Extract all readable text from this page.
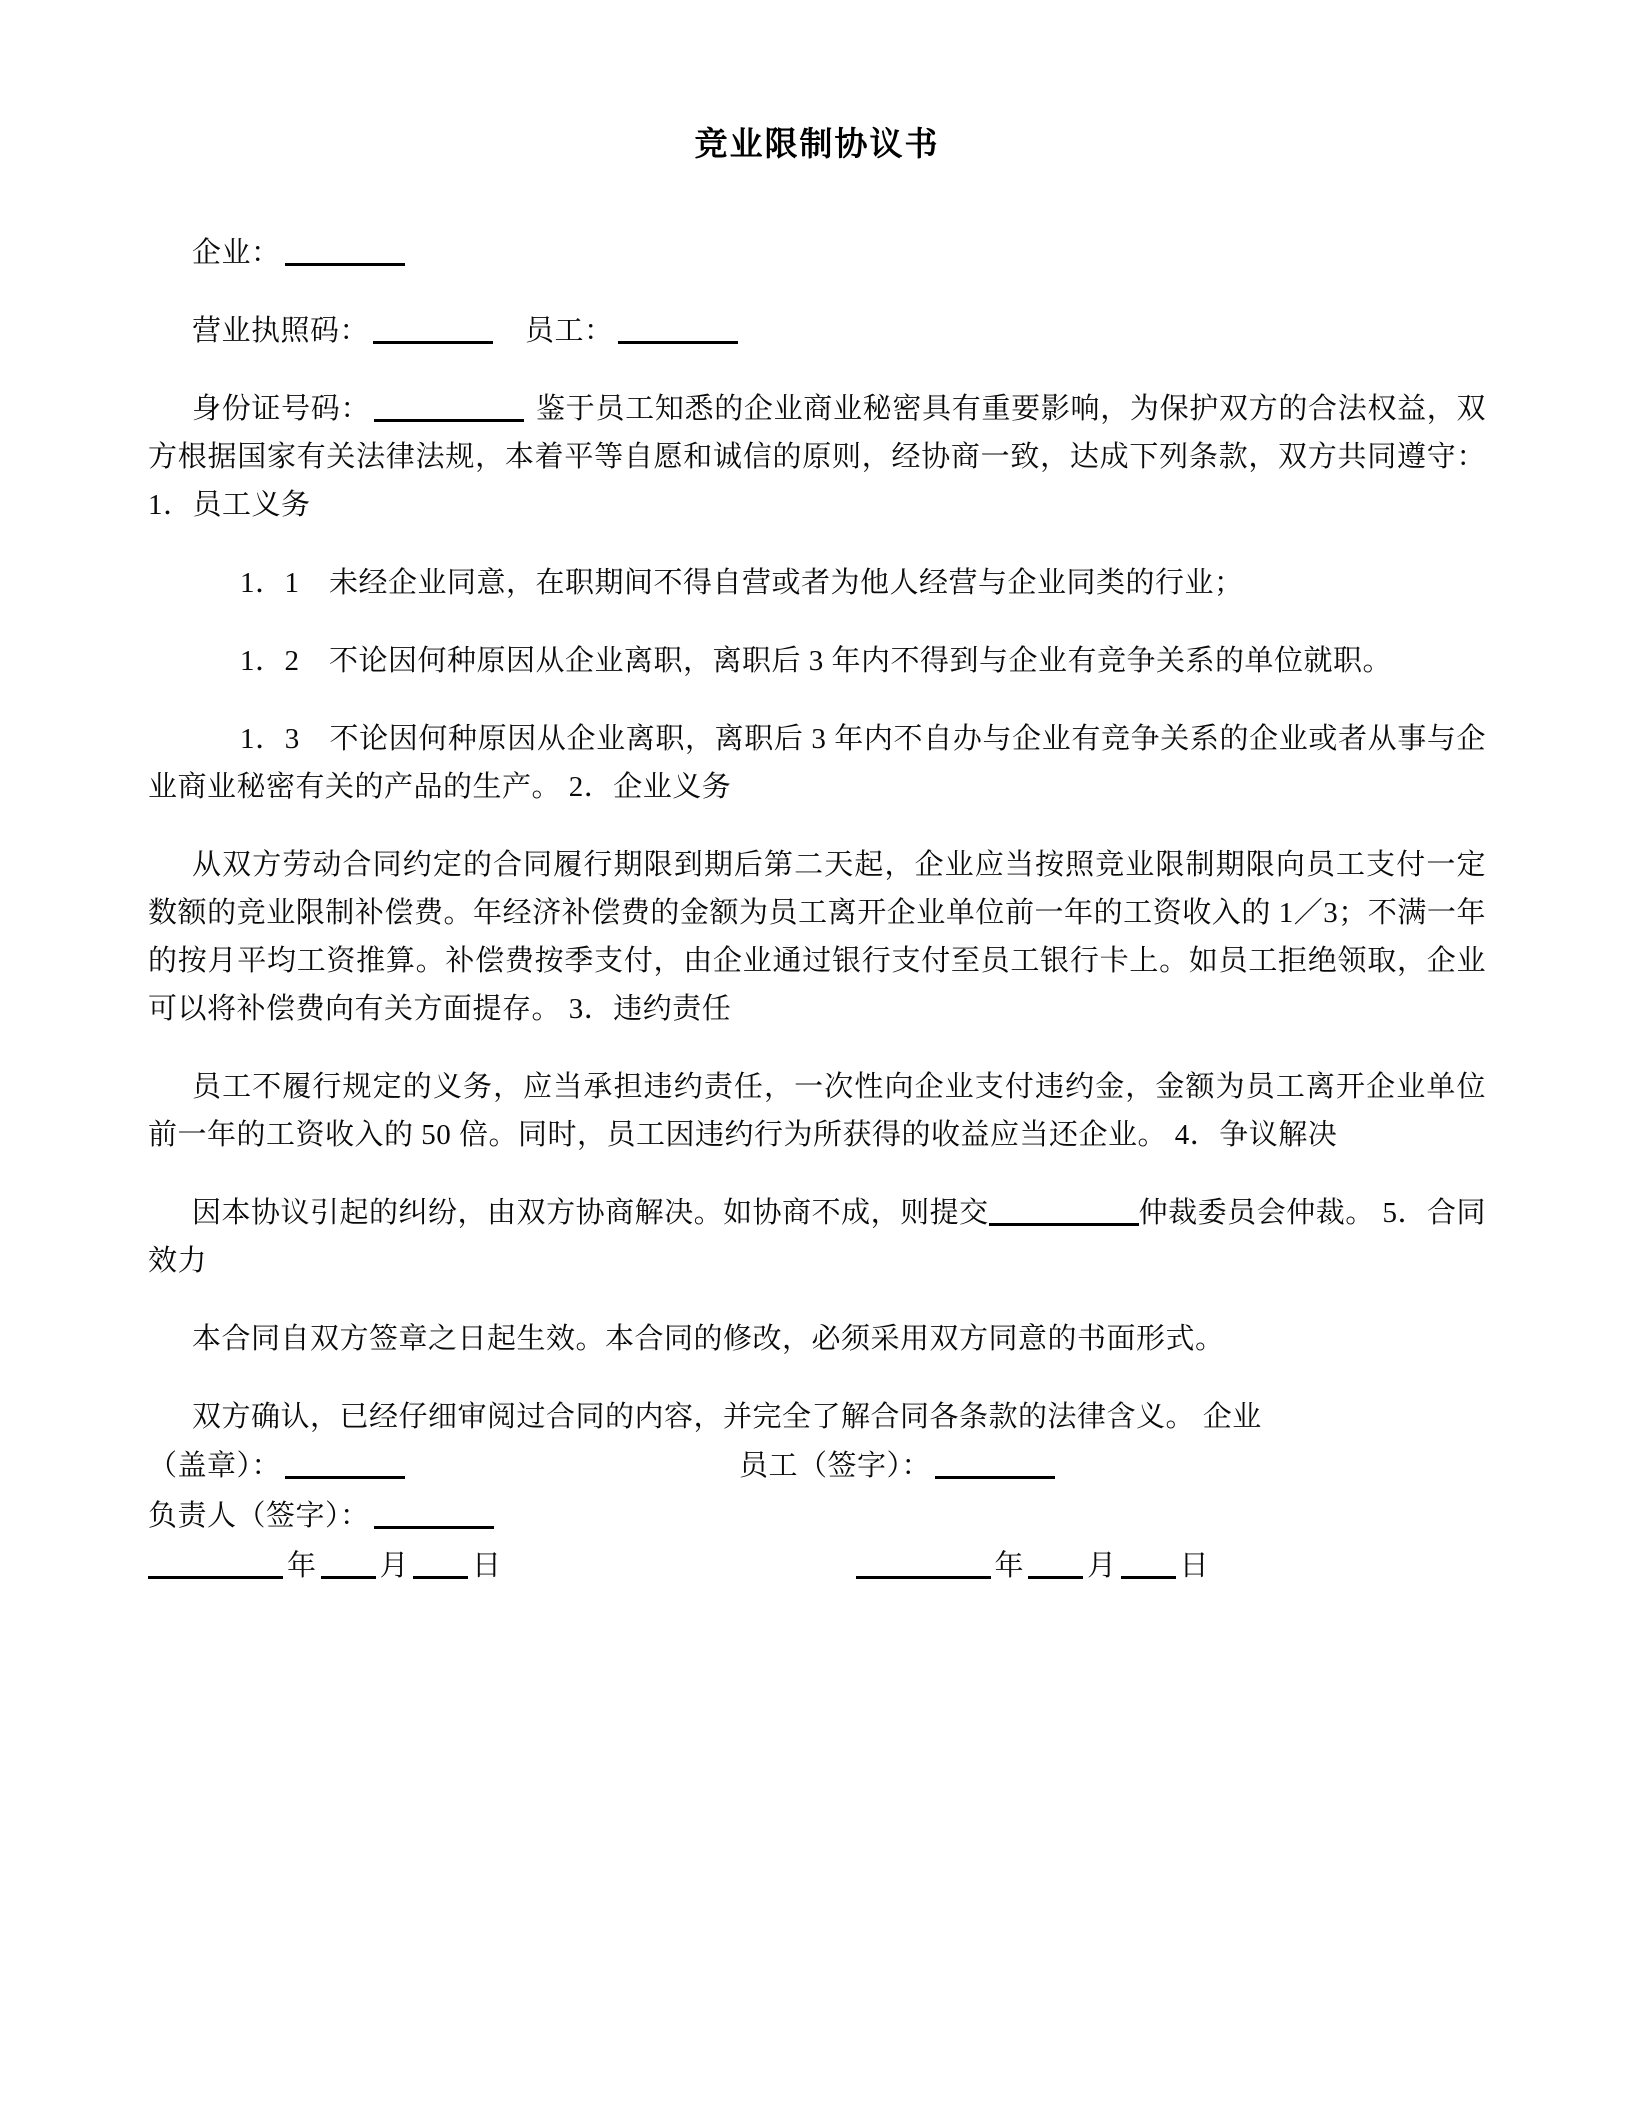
竞业限制协议书

企业：

营业执照码：	员工：

身份证号码：	鉴于员工知悉的企业商业秘密具有重要影响，为保护双方的合法权益，双方根据国家有关法律法规，本着平等自愿和诚信的原则，经协商一致，达成下列条款，双方共同遵守： 1．员工义务

1．1　未经企业同意，在职期间不得自营或者为他人经营与企业同类的行业；

1．2　不论因何种原因从企业离职，离职后 3 年内不得到与企业有竞争关系的单位就职。

1．3　不论因何种原因从企业离职，离职后 3 年内不自办与企业有竞争关系的企业或者从事与企业商业秘密有关的产品的生产。 2．企业义务

从双方劳动合同约定的合同履行期限到期后第二天起，企业应当按照竞业限制期限向员工支付一定数额的竞业限制补偿费。年经济补偿费的金额为员工离开企业单位前一年的工资收入的 1／3；不满一年的按月平均工资推算。补偿费按季支付，由企业通过银行支付至员工银行卡上。如员工拒绝领取，企业可以将补偿费向有关方面提存。 3．违约责任

员工不履行规定的义务，应当承担违约责任，一次性向企业支付违约金，金额为员工离开企业单位前一年的工资收入的 50 倍。同时，员工因违约行为所获得的收益应当还企业。 4．争议解决

因本协议引起的纠纷，由双方协商解决。如协商不成，则提交	仲裁委员会仲裁。 5．合同效力

本合同自双方签章之日起生效。本合同的修改，必须采用双方同意的书面形式。

双方确认，已经仔细审阅过合同的内容，并完全了解合同各条款的法律含义。 企业

（盖章）：	员工（签字）：

负责人（签字）：

年 月 日	年 月 日
